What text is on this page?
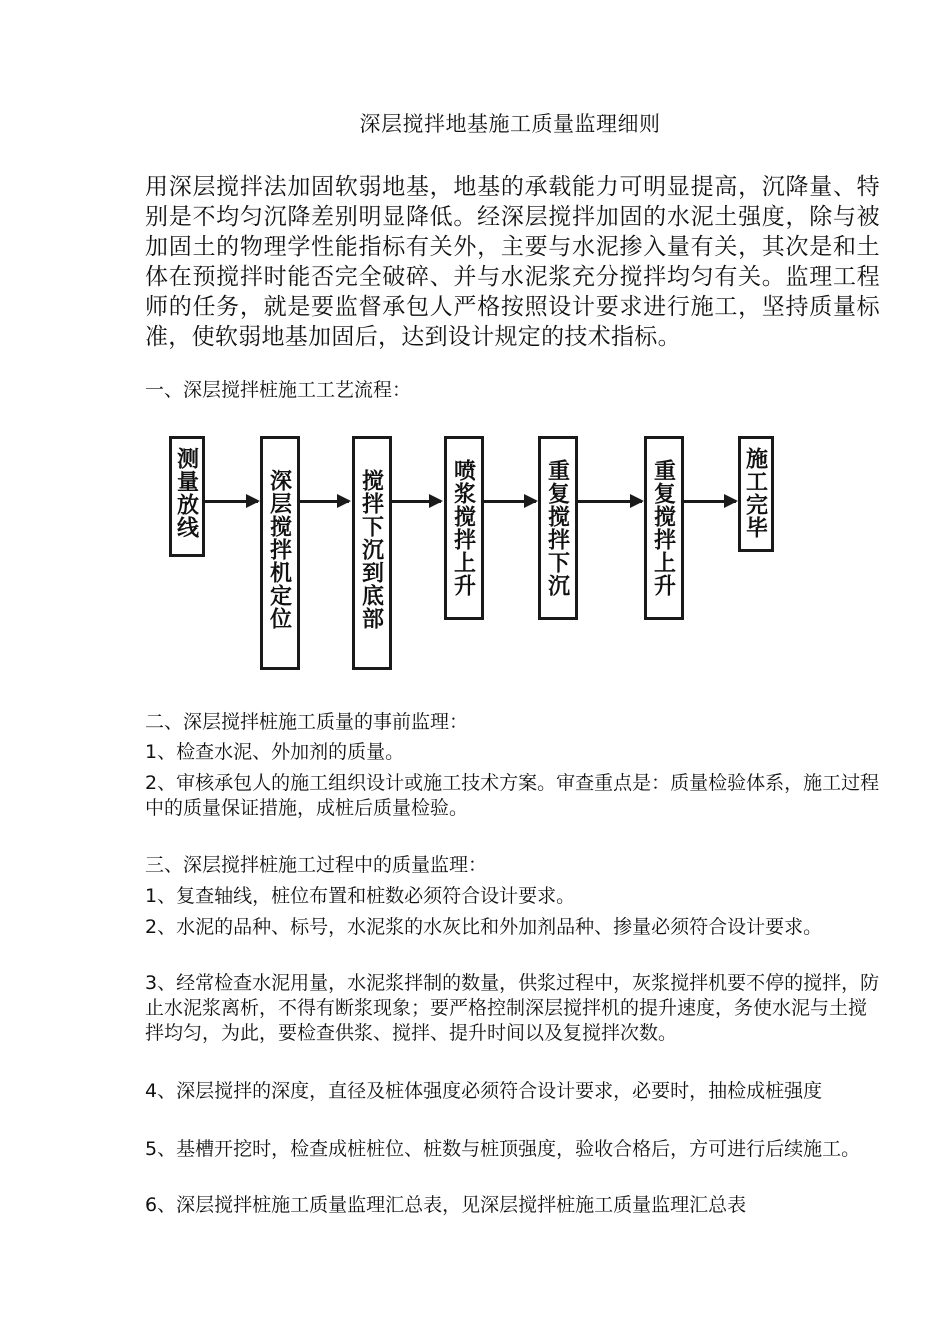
深层搅拌地基施工质量监理细则
用深层搅拌法加固软弱地基，地基的承载能力可明显提高，沉降量、特别是不均匀沉降差别明显降低。经深层搅拌加固的水泥土强度，除与被加固土的物理学性能指标有关外，主要与水泥掺入量有关，其次是和土体在预搅拌时能否完全破碎、并与水泥浆充分搅拌均匀有关。监理工程师的任务，就是要监督承包人严格按照设计要求进行施工，坚持质量标准，使软弱地基加固后，达到设计规定的技术指标。
一、深层搅拌桩施工工艺流程：
测量放线	深层搅拌机定位	搅拌下沉到底部	喷浆搅拌上升	重复搅拌下沉	重复搅拌上升	施工完毕
二、深层搅拌桩施工质量的事前监理：
1、检查水泥、外加剂的质量。
2、审核承包人的施工组织设计或施工技术方案。审查重点是：质量检验体系，施工过程中的质量保证措施，成桩后质量检验。
三、深层搅拌桩施工过程中的质量监理：
1、复查轴线，桩位布置和桩数必须符合设计要求。
2、水泥的品种、标号，水泥浆的水灰比和外加剂品种、掺量必须符合设计要求。
3、经常检查水泥用量，水泥浆拌制的数量，供浆过程中，灰浆搅拌机要不停的搅拌，防止水泥浆离析，不得有断浆现象；要严格控制深层搅拌机的提升速度，务使水泥与土搅拌均匀，为此，要检查供浆、搅拌、提升时间以及复搅拌次数。
4、深层搅拌的深度，直径及桩体强度必须符合设计要求，必要时，抽检成桩强度
5、基槽开挖时，检查成桩桩位、桩数与桩顶强度，验收合格后，方可进行后续施工。
6、深层搅拌桩施工质量监理汇总表，见深层搅拌桩施工质量监理汇总表
